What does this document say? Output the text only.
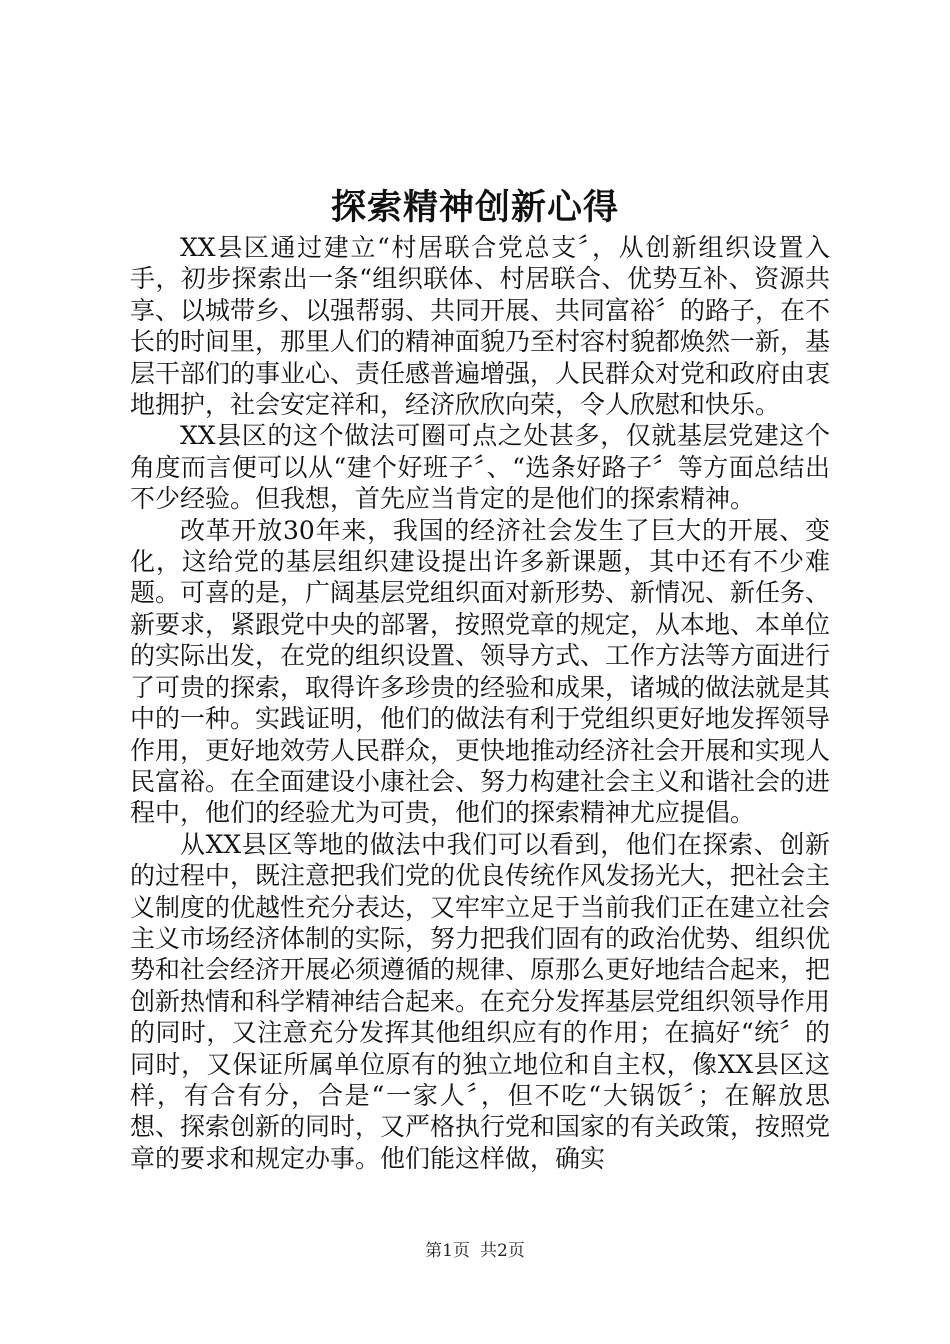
探索精神创新心得

XX县区通过建立“村居联合党总支〞，从创新组织设置入手，初步探索出一条“组织联体、村居联合、优势互补、资源共享、以城带乡、以强帮弱、共同开展、共同富裕〞的路子，在不长的时间里，那里人们的精神面貌乃至村容村貌都焕然一新，基层干部们的事业心、责任感普遍增强，人民群众对党和政府由衷地拥护，社会安定祥和，经济欣欣向荣，令人欣慰和快乐。

XX县区的这个做法可圈可点之处甚多，仅就基层党建这个角度而言便可以从“建个好班子〞、“选条好路子〞等方面总结出不少经验。但我想，首先应当肯定的是他们的探索精神。

改革开放30年来，我国的经济社会发生了巨大的开展、变化，这给党的基层组织建设提出许多新课题，其中还有不少难题。可喜的是，广阔基层党组织面对新形势、新情况、新任务、新要求，紧跟党中央的部署，按照党章的规定，从本地、本单位的实际出发，在党的组织设置、领导方式、工作方法等方面进行了可贵的探索，取得许多珍贵的经验和成果，诸城的做法就是其中的一种。实践证明，他们的做法有利于党组织更好地发挥领导作用，更好地效劳人民群众，更快地推动经济社会开展和实现人民富裕。在全面建设小康社会、努力构建社会主义和谐社会的进程中，他们的经验尤为可贵，他们的探索精神尤应提倡。

从XX县区等地的做法中我们可以看到，他们在探索、创新的过程中，既注意把我们党的优良传统作风发扬光大，把社会主义制度的优越性充分表达，又牢牢立足于当前我们正在建立社会主义市场经济体制的实际，努力把我们固有的政治优势、组织优势和社会经济开展必须遵循的规律、原那么更好地结合起来，把创新热情和科学精神结合起来。在充分发挥基层党组织领导作用的同时，又注意充分发挥其他组织应有的作用；在搞好“统〞的同时，又保证所属单位原有的独立地位和自主权，像XX县区这样，有合有分，合是“一家人〞，但不吃“大锅饭〞；在解放思想、探索创新的同时，又严格执行党和国家的有关政策，按照党章的要求和规定办事。他们能这样做，确实

第1页 共2页
